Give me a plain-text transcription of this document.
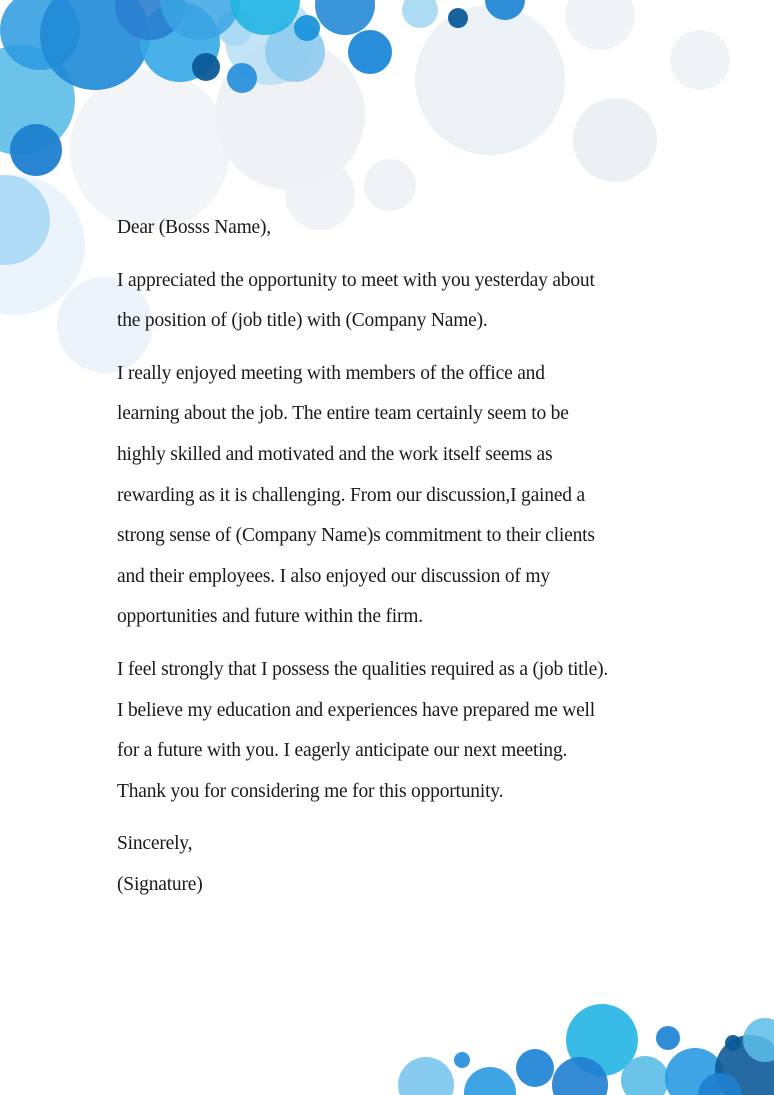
Dear (Bosss Name),
I appreciated the opportunity to meet with you yesterday about
the position of (job title) with (Company Name).
I really enjoyed meeting with members of the office and
learning about the job. The entire team certainly seem to be
highly skilled and motivated and the work itself seems as
rewarding as it is challenging. From our discussion,I gained a
strong sense of (Company Name)s commitment to their clients
and their employees. I also enjoyed our discussion of my
opportunities and future within the firm.
I feel strongly that I possess the qualities required as a (job title).
I believe my education and experiences have prepared me well
for a future with you. I eagerly anticipate our next meeting.
Thank you for considering me for this opportunity.
Sincerely,
(Signature)
